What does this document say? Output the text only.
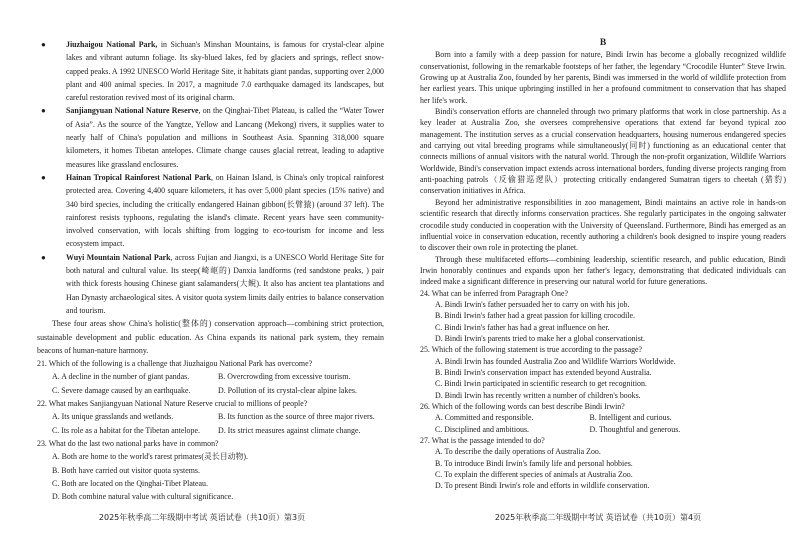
●	Jiuzhaigou National Park, in Sichuan's Minshan Mountains, is famous for crystal-clear alpine lakes and vibrant autumn foliage. Its sky-blued lakes, fed by glaciers and springs, reflect snow-capped peaks. A 1992 UNESCO World Heritage Site, it habitats giant pandas, supporting over 2,000 plant and 400 animal species. In 2017, a magnitude 7.0 earthquake damaged its landscapes, but careful restoration revived most of its original charm.
●	Sanjiangyuan National Nature Reserve, on the Qinghai-Tibet Plateau, is called the “Water Tower of Asia”. As the source of the Yangtze, Yellow and Lancang (Mekong) rivers, it supplies water to nearly half of China's population and millions in Southeast Asia. Spanning 318,000 square kilometers, it homes Tibetan antelopes. Climate change causes glacial retreat, leading to adaptive measures like grassland enclosures.
●	Hainan Tropical Rainforest National Park, on Hainan Island, is China's only tropical rainforest protected area. Covering 4,400 square kilometers, it has over 5,000 plant species (15% native) and 340 bird species, including the critically endangered Hainan gibbon(长臂猿) (around 37 left). The rainforest resists typhoons, regulating the island's climate. Recent years have seen community-involved conservation, with locals shifting from logging to eco-tourism for income and less ecosystem impact.
●	Wuyi Mountain National Park, across Fujian and Jiangxi, is a UNESCO World Heritage Site for both natural and cultural value. Its steep(崎岖的) Danxia landforms (red sandstone peaks, ) pair with thick forests housing Chinese giant salamanders(大鲵). It also has ancient tea plantations and Han Dynasty archaeological sites. A visitor quota system limits daily entries to balance conservation and tourism.

These four areas show China's holistic(整体的) conservation approach—combining strict protection, sustainable development and public education. As China expands its national park system, they remain beacons of human-nature harmony.

21. Which of the following is a challenge that Jiuzhaigou National Park has overcome?

A. A decline in the number of giant pandas.	B. Overcrowding from excessive tourism.
C. Severe damage caused by an earthquake.	D. Pollution of its crystal-clear alpine lakes.

22. What makes Sanjiangyuan National Nature Reserve crucial to millions of people?

A. Its unique grasslands and wetlands.	B. Its function as the source of three major rivers.
C. Its role as a habitat for the Tibetan antelope.	D. Its strict measures against climate change.

23. What do the last two national parks have in common?

A. Both are home to the world's rarest primates(灵长目动物).
B. Both have carried out visitor quota systems.
C. Both are located on the Qinghai-Tibet Plateau.
D. Both combine natural value with cultural significance.
2025年秋季高二年级期中考试 英语试卷（共10页）第3页
B

Born into a family with a deep passion for nature, Bindi Irwin has become a globally recognized wildlife conservationist, following in the remarkable footsteps of her father, the legendary “Crocodile Hunter” Steve Irwin. Growing up at Australia Zoo, founded by her parents, Bindi was immersed in the world of wildlife protection from her earliest years. This unique upbringing instilled in her a profound commitment to conservation that has shaped her life's work.

Bindi's conservation efforts are channeled through two primary platforms that work in close partnership. As a key leader at Australia Zoo, she oversees comprehensive operations that extend far beyond typical zoo management. The institution serves as a crucial conservation headquarters, housing numerous endangered species and carrying out vital breeding programs while simultaneously(同时) functioning as an educational center that connects millions of annual visitors with the natural world. Through the non-profit organization, Wildlife Warriors Worldwide, Bindi's conservation impact extends across international borders, funding diverse projects ranging from anti-poaching patrols（反偷猎巡逻队）protecting critically endangered Sumatran tigers to cheetah (猎豹) conservation initiatives in Africa.

Beyond her administrative responsibilities in zoo management, Bindi maintains an active role in hands-on scientific research that directly informs conservation practices. She regularly participates in the ongoing saltwater crocodile study conducted in cooperation with the University of Queensland. Furthermore, Bindi has emerged as an influential voice in conservation education, recently authoring a children's book designed to inspire young readers to discover their own role in protecting the planet.

Through these multifaceted efforts—combining leadership, scientific research, and public education, Bindi Irwin honorably continues and expands upon her father's legacy, demonstrating that dedicated individuals can indeed make a significant difference in preserving our natural world for future generations.

24. What can be inferred from Paragraph One?

A. Bindi Irwin's father persuaded her to carry on with his job.
B. Bindi Irwin's father had a great passion for killing crocodile.
C. Bindi Irwin's father has had a great influence on her.
D. Bindi Irwin's parents tried to make her a global conservationist.

25. Which of the following statement is true according to the passage?

A. Bindi Irwin has founded Australia Zoo and Wildlife Warriors Worldwide.
B. Bindi Irwin's conservation impact has extended beyond Australia.
C. Bindi Irwin participated in scientific research to get recognition.
D. Bindi Irwin has recently written a number of children's books.

26. Which of the following words can best describe Bindi Irwin?

A. Committed and responsible.	B. Intelligent and curious.
C. Disciplined and ambitious.	D. Thoughtful and generous.

27. What is the passage intended to do?

A. To describe the daily operations of Australia Zoo.
B. To introduce Bindi Irwin's family life and personal hobbies.
C. To explain the different species of animals at Australia Zoo.
D. To present Bindi Irwin's role and efforts in wildlife conservation.
2025年秋季高二年级期中考试 英语试卷（共10页）第4页
